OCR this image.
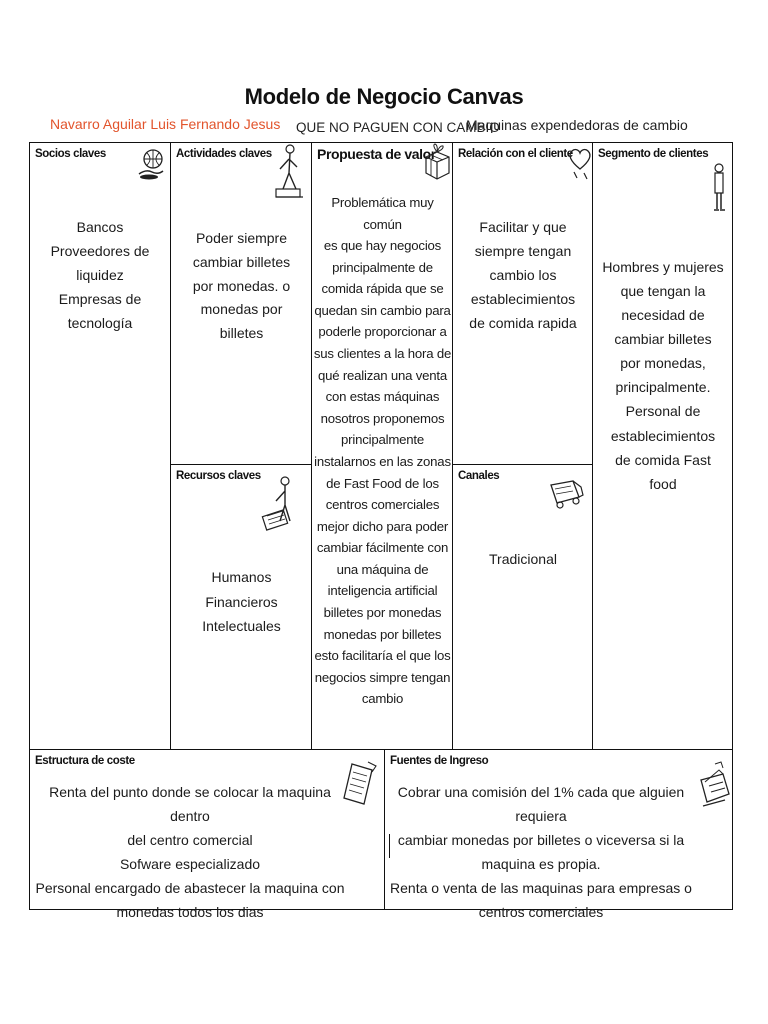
Modelo de Negocio Canvas
Navarro Aguilar Luis Fernando Jesus QUE NO PAGUEN CON CAMBIO
Maquinas expendedoras de cambio
Socios claves
Bancos
Proveedores de
liquidez
Empresas de
tecnología
Actividades claves
Poder siempre
cambiar billetes
por monedas. o
monedas por
billetes
Recursos claves
Humanos
Financieros
Intelectuales
Propuesta de valor
Problemática muy común
es que hay negocios
principalmente de
comida rápida que se
quedan sin cambio para
poderle proporcionar a
sus clientes a la hora de
qué realizan una venta
con estas máquinas
nosotros proponemos
principalmente
instalarnos en las zonas
de Fast Food de los
centros comerciales
mejor dicho para poder
cambiar fácilmente con
una máquina de
inteligencia artificial
billetes por monedas
monedas por billetes
esto facilitaría el que los
negocios simpre tengan
cambio
Relación con el cliente
Facilitar y que
siempre tengan
cambio los
establecimientos
de comida rapida
Canales
Tradicional
Segmento de clientes
Hombres y mujeres
que tengan la
necesidad de
cambiar billetes
por monedas,
principalmente.
Personal de
establecimientos
de comida Fast
food
Estructura de coste
Renta del punto donde se colocar la maquina dentro
del centro comercial
Sofware especializado
Personal encargado de abastecer la maquina con
monedas todos los dias
Fuentes de Ingreso
Cobrar una comisión del 1% cada que alguien requiera
cambiar monedas por billetes o viceversa si la
maquina es propia.
Renta o venta de las maquinas para empresas o
centros comerciales
